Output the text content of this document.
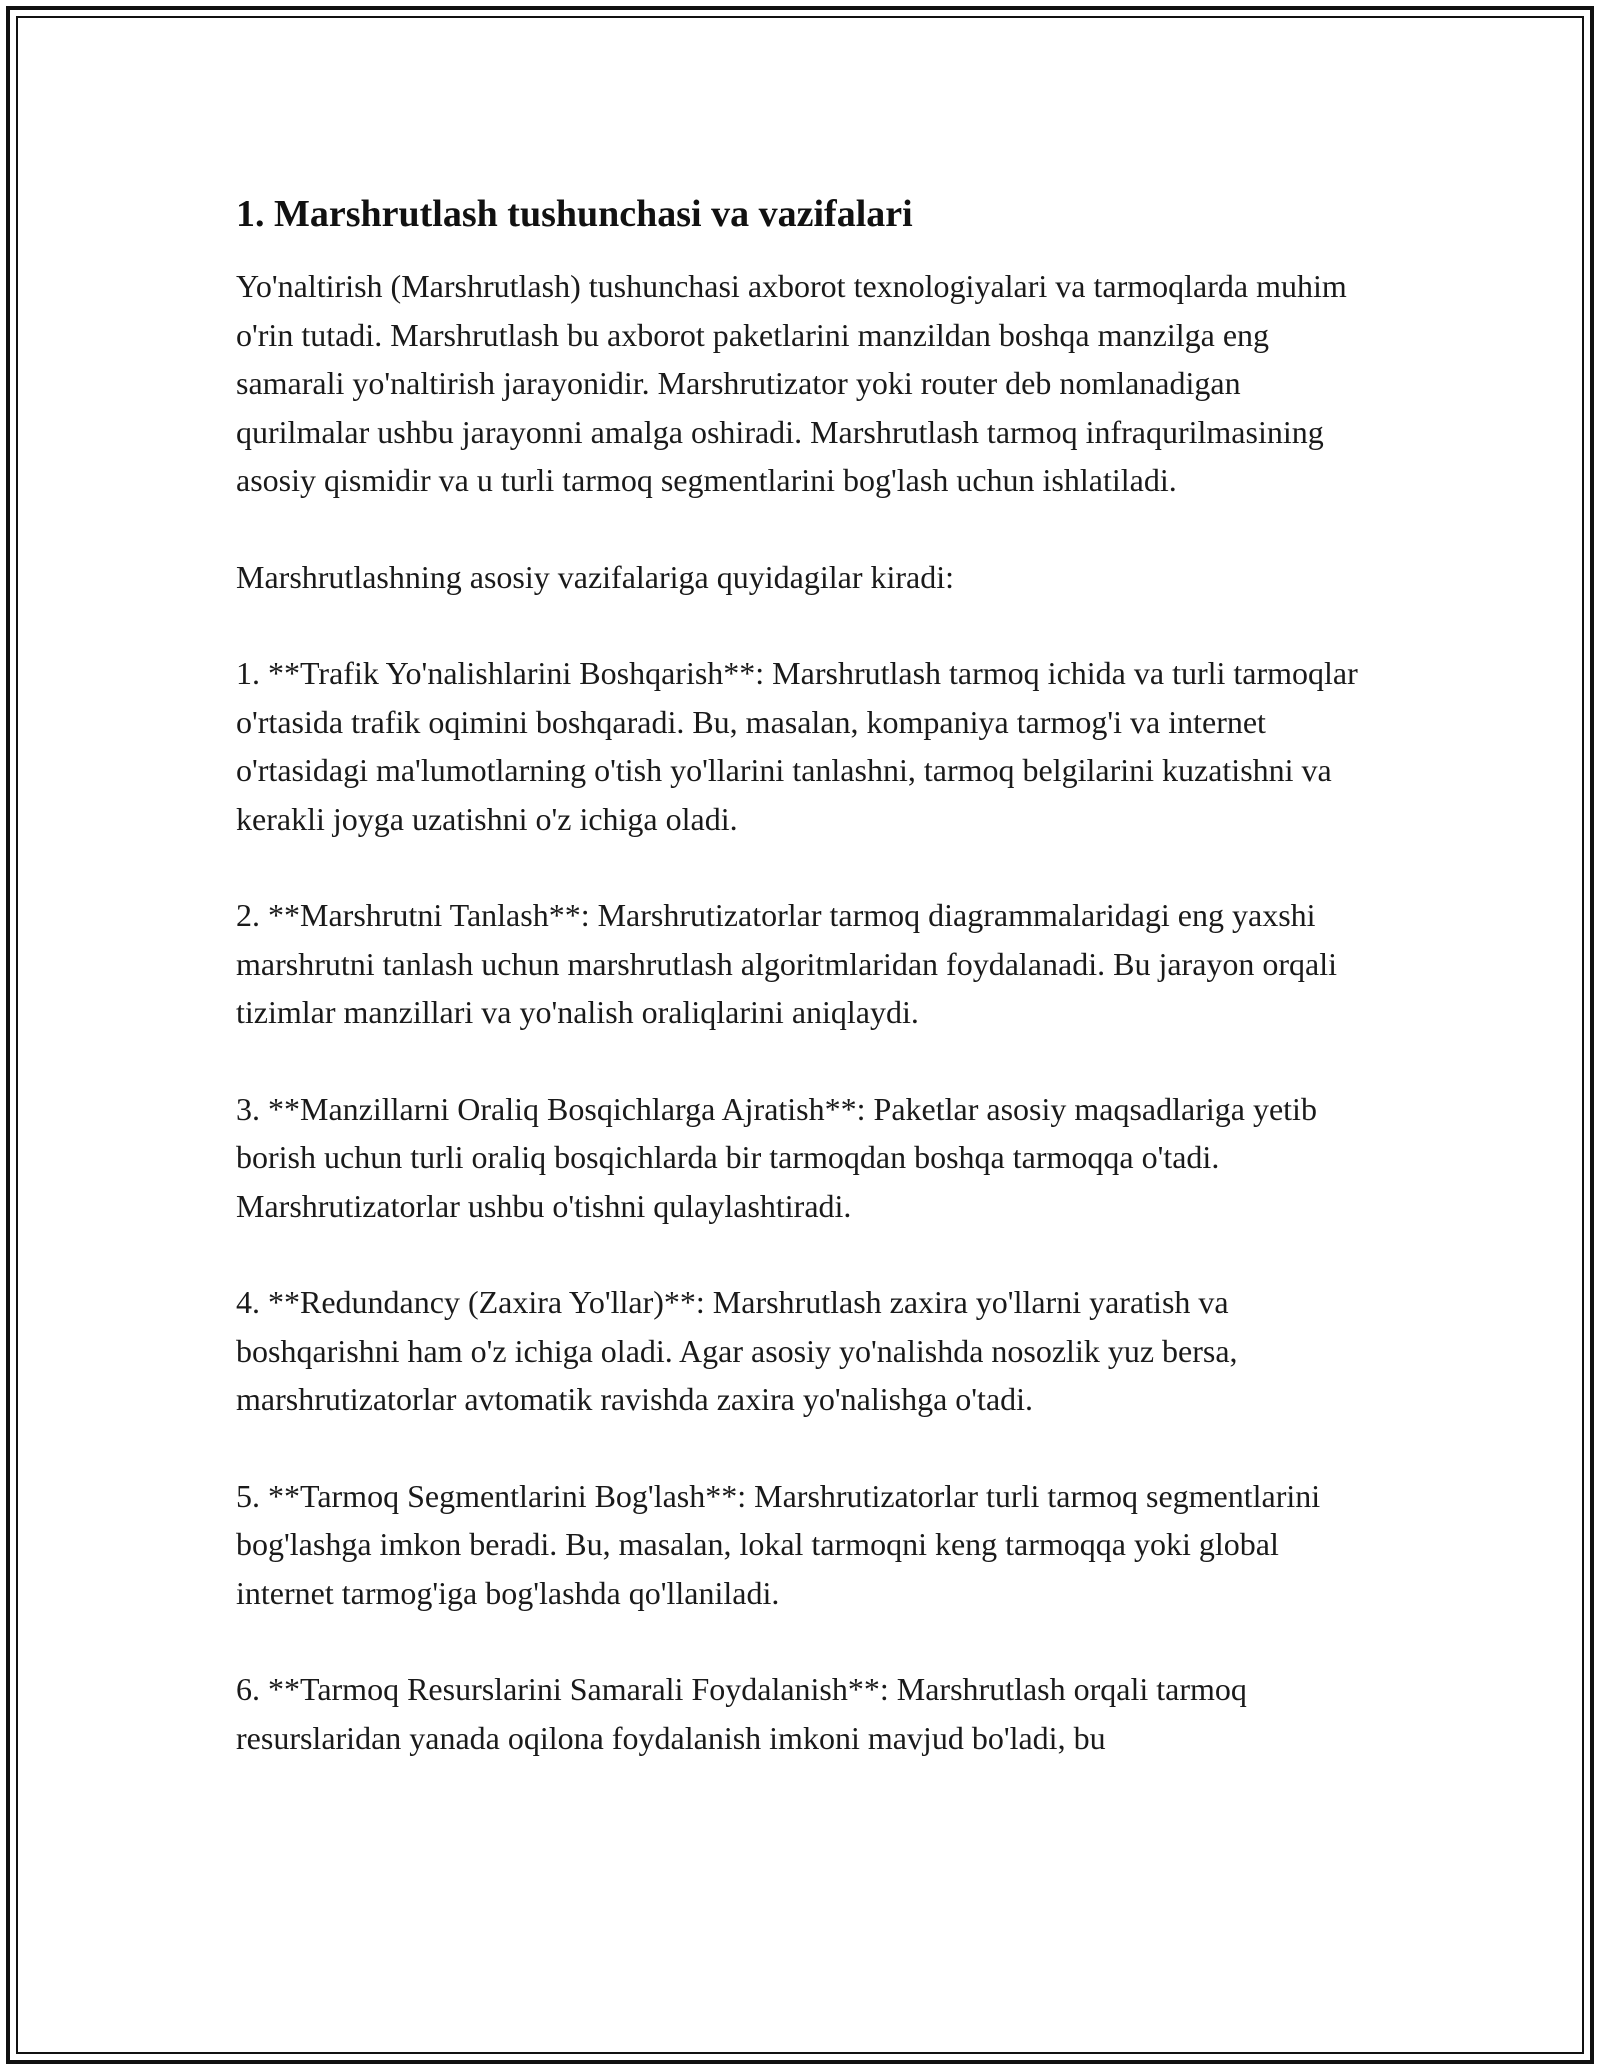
1. Marshrutlash tushunchasi va vazifalari

Yo'naltirish (Marshrutlash) tushunchasi axborot texnologiyalari va tarmoqlarda muhim o'rin tutadi. Marshrutlash bu axborot paketlarini manzildan boshqa manzilga eng samarali yo'naltirish jarayonidir. Marshrutizator yoki router deb nomlanadigan qurilmalar ushbu jarayonni amalga oshiradi. Marshrutlash tarmoq infraqurilmasining asosiy qismidir va u turli tarmoq segmentlarini bog'lash uchun ishlatiladi.

Marshrutlashning asosiy vazifalariga quyidagilar kiradi:

1. **Trafik Yo'nalishlarini Boshqarish**: Marshrutlash tarmoq ichida va turli tarmoqlar o'rtasida trafik oqimini boshqaradi. Bu, masalan, kompaniya tarmog'i va internet o'rtasidagi ma'lumotlarning o'tish yo'llarini tanlashni, tarmoq belgilarini kuzatishni va kerakli joyga uzatishni o'z ichiga oladi.

2. **Marshrutni Tanlash**: Marshrutizatorlar tarmoq diagrammalaridagi eng yaxshi marshrutni tanlash uchun marshrutlash algoritmlaridan foydalanadi. Bu jarayon orqali tizimlar manzillari va yo'nalish oraliqlarini aniqlaydi.

3. **Manzillarni Oraliq Bosqichlarga Ajratish**: Paketlar asosiy maqsadlariga yetib borish uchun turli oraliq bosqichlarda bir tarmoqdan boshqa tarmoqqa o'tadi. Marshrutizatorlar ushbu o'tishni qulaylashtiradi.

4. **Redundancy (Zaxira Yo'llar)**: Marshrutlash zaxira yo'llarni yaratish va boshqarishni ham o'z ichiga oladi. Agar asosiy yo'nalishda nosozlik yuz bersa, marshrutizatorlar avtomatik ravishda zaxira yo'nalishga o'tadi.

5. **Tarmoq Segmentlarini Bog'lash**: Marshrutizatorlar turli tarmoq segmentlarini bog'lashga imkon beradi. Bu, masalan, lokal tarmoqni keng tarmoqqa yoki global internet tarmog'iga bog'lashda qo'llaniladi.

6. **Tarmoq Resurslarini Samarali Foydalanish**: Marshrutlash orqali tarmoq resurslaridan yanada oqilona foydalanish imkoni mavjud bo'ladi, bu
